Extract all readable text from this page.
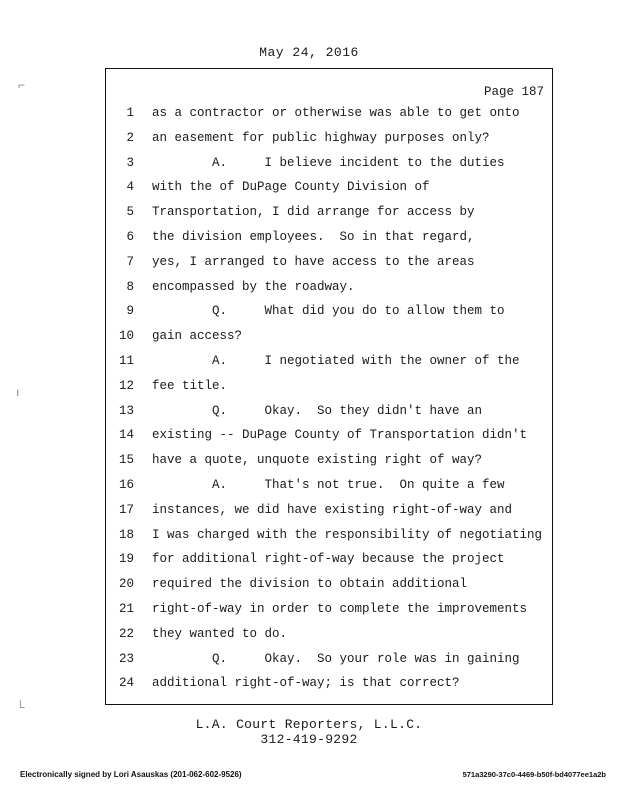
May 24, 2016
Page 187
1 as a contractor or otherwise was able to get onto
2 an easement for public highway purposes only?
3 A.     I believe incident to the duties
4 with the of DuPage County Division of
5 Transportation, I did arrange for access by
6 the division employees.  So in that regard,
7 yes, I arranged to have access to the areas
8 encompassed by the roadway.
9 Q.     What did you do to allow them to
10 gain access?
11 A.     I negotiated with the owner of the
12 fee title.
13 Q.     Okay.  So they didn't have an
14 existing -- DuPage County of Transportation didn't
15 have a quote, unquote existing right of way?
16 A.     That's not true.  On quite a few
17 instances, we did have existing right-of-way and
18 I was charged with the responsibility of negotiating
19 for additional right-of-way because the project
20 required the division to obtain additional
21 right-of-way in order to complete the improvements
22 they wanted to do.
23 Q.     Okay.  So your role was in gaining
24 additional right-of-way; is that correct?
L.A. Court Reporters, L.L.C.
312-419-9292
Electronically signed by Lori Asauskas (201-062-602-9526)	571a3290-37c0-4469-b50f-bd4077ee1a2b
⌐
ı
└
